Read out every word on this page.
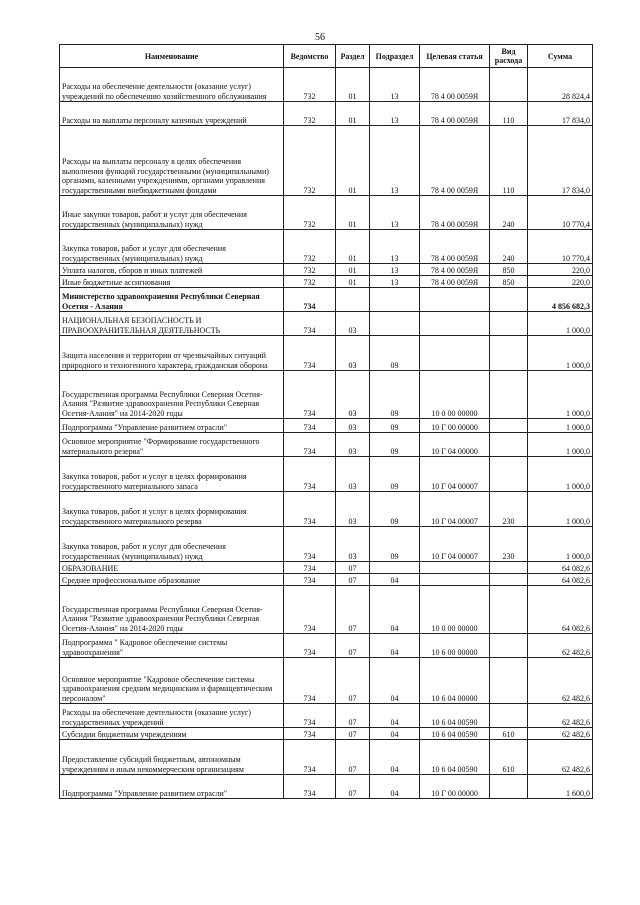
56
Наименование	Ведомство	Раздел	Подраздел	Целевая статья	Вид расхода	Сумма
Расходы на обеспечение деятельности (оказание услуг) учреждений по обеспечению хозяйственного обслуживания	732	01	13	78 4 00 0059Я		28 824,4
Расходы на выплаты персоналу казенных учреждений	732	01	13	78 4 00 0059Я	110	17 834,0
Расходы на выплаты персоналу в целях обеспечения выполнения функций государственными (муниципальными) органами, казенными учреждениями, органами управления государственными внебюджетными фондами	732	01	13	78 4 00 0059Я	110	17 834,0
Иные закупки товаров, работ и услуг для обеспечения государственных (муниципальных) нужд	732	01	13	78 4 00 0059Я	240	10 770,4
Закупка товаров, работ и услуг для обеспечения государственных (муниципальных) нужд	732	01	13	78 4 00 0059Я	240	10 770,4
Уплата налогов, сборов и иных платежей	732	01	13	78 4 00 0059Я	850	220,0
Иные бюджетные ассигнования	732	01	13	78 4 00 0059Я	850	220,0
Министерство здравоохранения Республики Северная Осетия - Алания	734					4 856 682,3
НАЦИОНАЛЬНАЯ БЕЗОПАСНОСТЬ И ПРАВООХРАНИТЕЛЬНАЯ ДЕЯТЕЛЬНОСТЬ	734	03				1 000,0
Защита населения и территории от чрезвычайных ситуаций природного и техногенного характера, гражданская оборона	734	03	09			1 000,0
Государственная программа Республики Северная Осетия-Алания "Развитие здравоохранения Республики Северная Осетия-Алания" на 2014-2020 годы	734	03	09	10 0 00 00000		1 000,0
Подпрограмма "Управление развитием отрасли"	734	03	09	10 Г 00 00000		1 000,0
Основное мероприятие "Формирование государственного материального резерва"	734	03	09	10 Г 04 00000		1 000,0
Закупка товаров, работ и услуг в целях формирования государственного материального запаса	734	03	09	10 Г 04 00007		1 000,0
Закупка товаров, работ и услуг в целях формирования государственного материального резерва	734	03	09	10 Г 04 00007	230	1 000,0
Закупка товаров, работ и услуг для обеспечения государственных (муниципальных) нужд	734	03	09	10 Г 04 00007	230	1 000,0
ОБРАЗОВАНИЕ	734	07				64 082,6
Среднее профессиональное образование	734	07	04			64 082,6
Государственная программа Республики Северная Осетия-Алания "Развитие здравоохранения Республики Северная Осетия-Алания" на 2014-2020 годы	734	07	04	10 0 00 00000		64 082,6
Подпрограмма " Кадровое обеспечение системы здравоохранения"	734	07	04	10 6 00 00000		62 482,6
Основное мероприятие "Кадровое обеспечение системы здравоохранения средним медицинским и фармацевтическим персоналом"	734	07	04	10 6 04 00000		62 482,6
Расходы на обеспечение деятельности (оказание услуг) государственных учреждений	734	07	04	10 6 04 00590		62 482,6
Субсидии бюджетным учреждениям	734	07	04	10 6 04 00590	610	62 482,6
Предоставление субсидий бюджетным, автономным учреждениям и иным некоммерческим организациям	734	07	04	10 6 04 00590	610	62 482,6
Подпрограмма "Управление развитием отрасли"	734	07	04	10 Г 00 00000		1 600,0
